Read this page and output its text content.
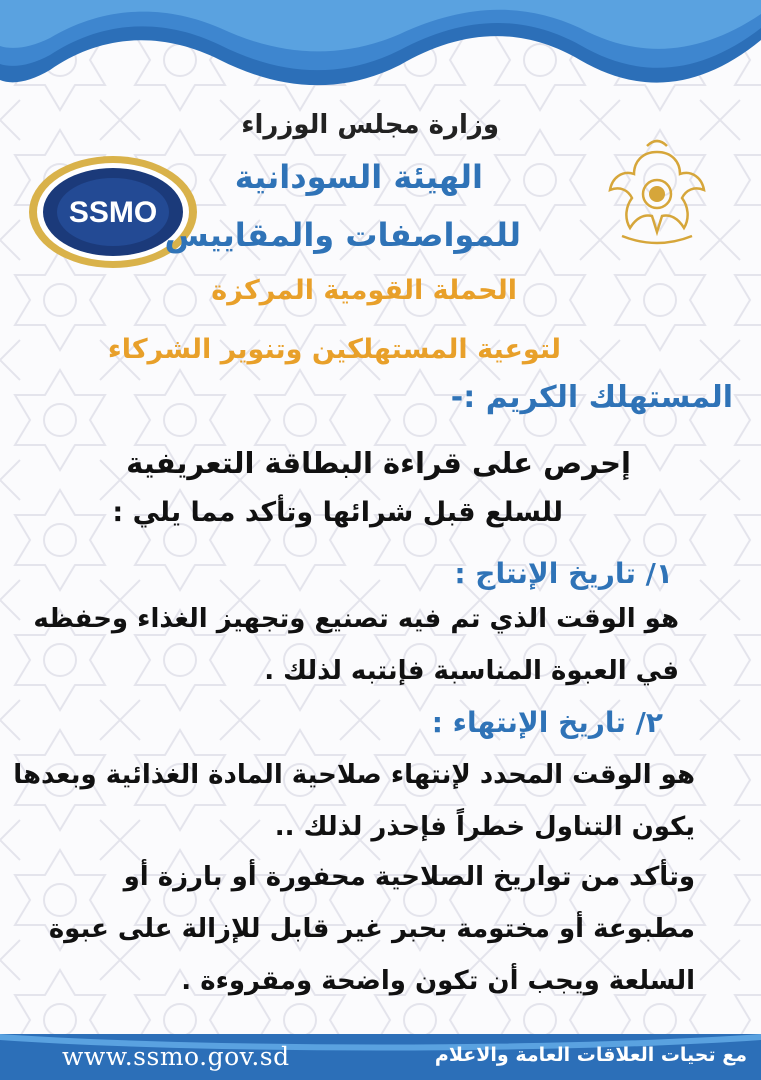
SSMO
وزارة مجلس الوزراء
الهيئة السودانية
للمواصفات والمقاييس
الحملة القومية المركزة
لتوعية المستهلكين وتنوير الشركاء
المستهلك الكريم :-
إحرص على قراءة البطاقة التعريفية
للسلع قبل شرائها وتأكد مما يلي :
١/ تاريخ الإنتاج :
هو الوقت الذي تم فيه تصنيع وتجهيز الغذاء وحفظه
في العبوة المناسبة فإنتبه لذلك .
٢/ تاريخ الإنتهاء :
هو الوقت المحدد لإنتهاء صلاحية المادة الغذائية وبعدها
يكون التناول خطراً فإحذر لذلك ..
وتأكد من تواريخ الصلاحية محفورة أو بارزة أو
مطبوعة أو مختومة بحبر غير قابل للإزالة على عبوة
السلعة ويجب أن تكون واضحة ومقروءة .
www.ssmo.gov.sd	مع تحيات العلاقات العامة والاعلام
